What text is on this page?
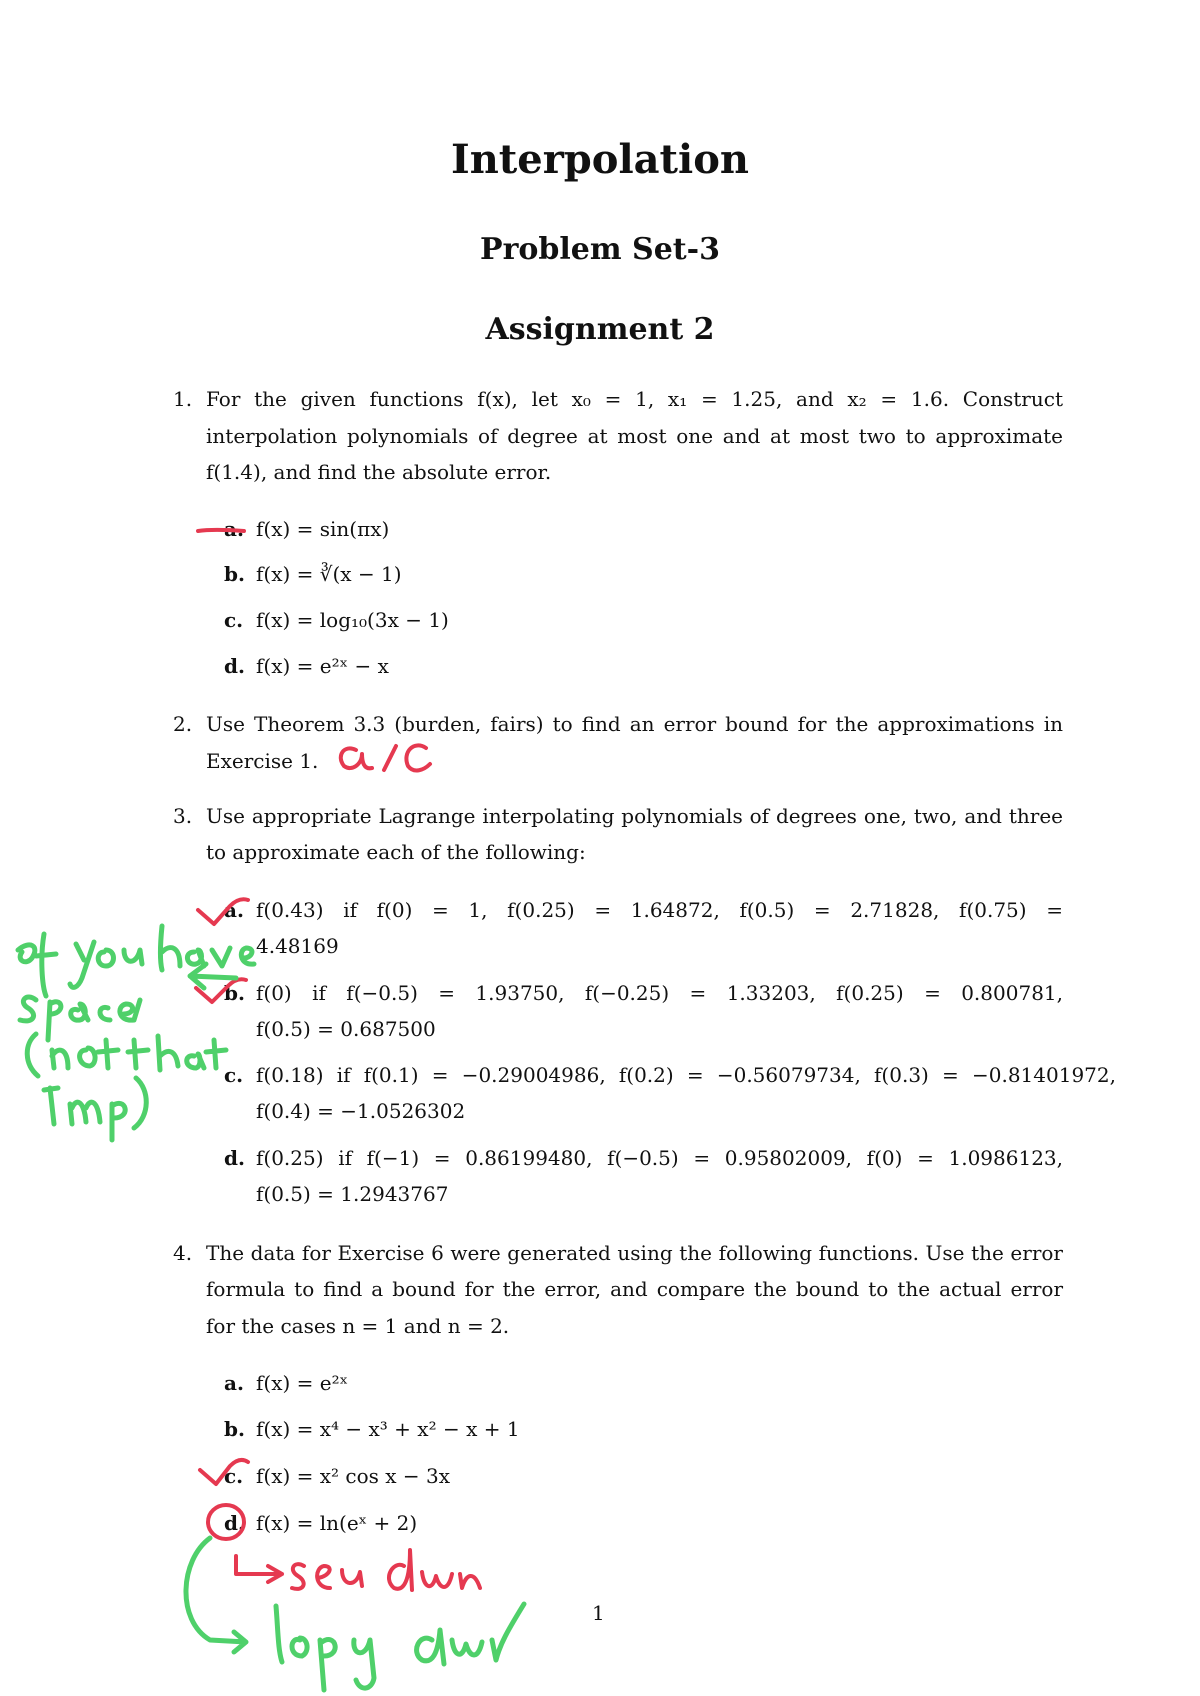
Interpolation
Problem Set-3
Assignment 2
1. For the given functions f(x), let x₀ = 1, x₁ = 1.25, and x₂ = 1.6. Construct
interpolation polynomials of degree at most one and at most two to approximate
f(1.4), and find the absolute error.
a. f(x) = sin(πx)
b. f(x) = ∛(x − 1)
c. f(x) = log₁₀(3x − 1)
d. f(x) = e²ˣ − x
2. Use Theorem 3.3 (burden, fairs) to find an error bound for the approximations in
Exercise 1.
3. Use appropriate Lagrange interpolating polynomials of degrees one, two, and three
to approximate each of the following:
a. f(0.43) if f(0) = 1, f(0.25) = 1.64872, f(0.5) = 2.71828, f(0.75) =
4.48169
b. f(0) if f(−0.5) = 1.93750, f(−0.25) = 1.33203, f(0.25) = 0.800781,
f(0.5) = 0.687500
c. f(0.18) if f(0.1) = −0.29004986, f(0.2) = −0.56079734, f(0.3) = −0.81401972,
f(0.4) = −1.0526302
d. f(0.25) if f(−1) = 0.86199480, f(−0.5) = 0.95802009, f(0) = 1.0986123,
f(0.5) = 1.2943767
4. The data for Exercise 6 were generated using the following functions. Use the error
formula to find a bound for the error, and compare the bound to the actual error
for the cases n = 1 and n = 2.
a. f(x) = e²ˣ
b. f(x) = x⁴ − x³ + x² − x + 1
c. f(x) = x² cos x − 3x
d. f(x) = ln(eˣ + 2)
1
